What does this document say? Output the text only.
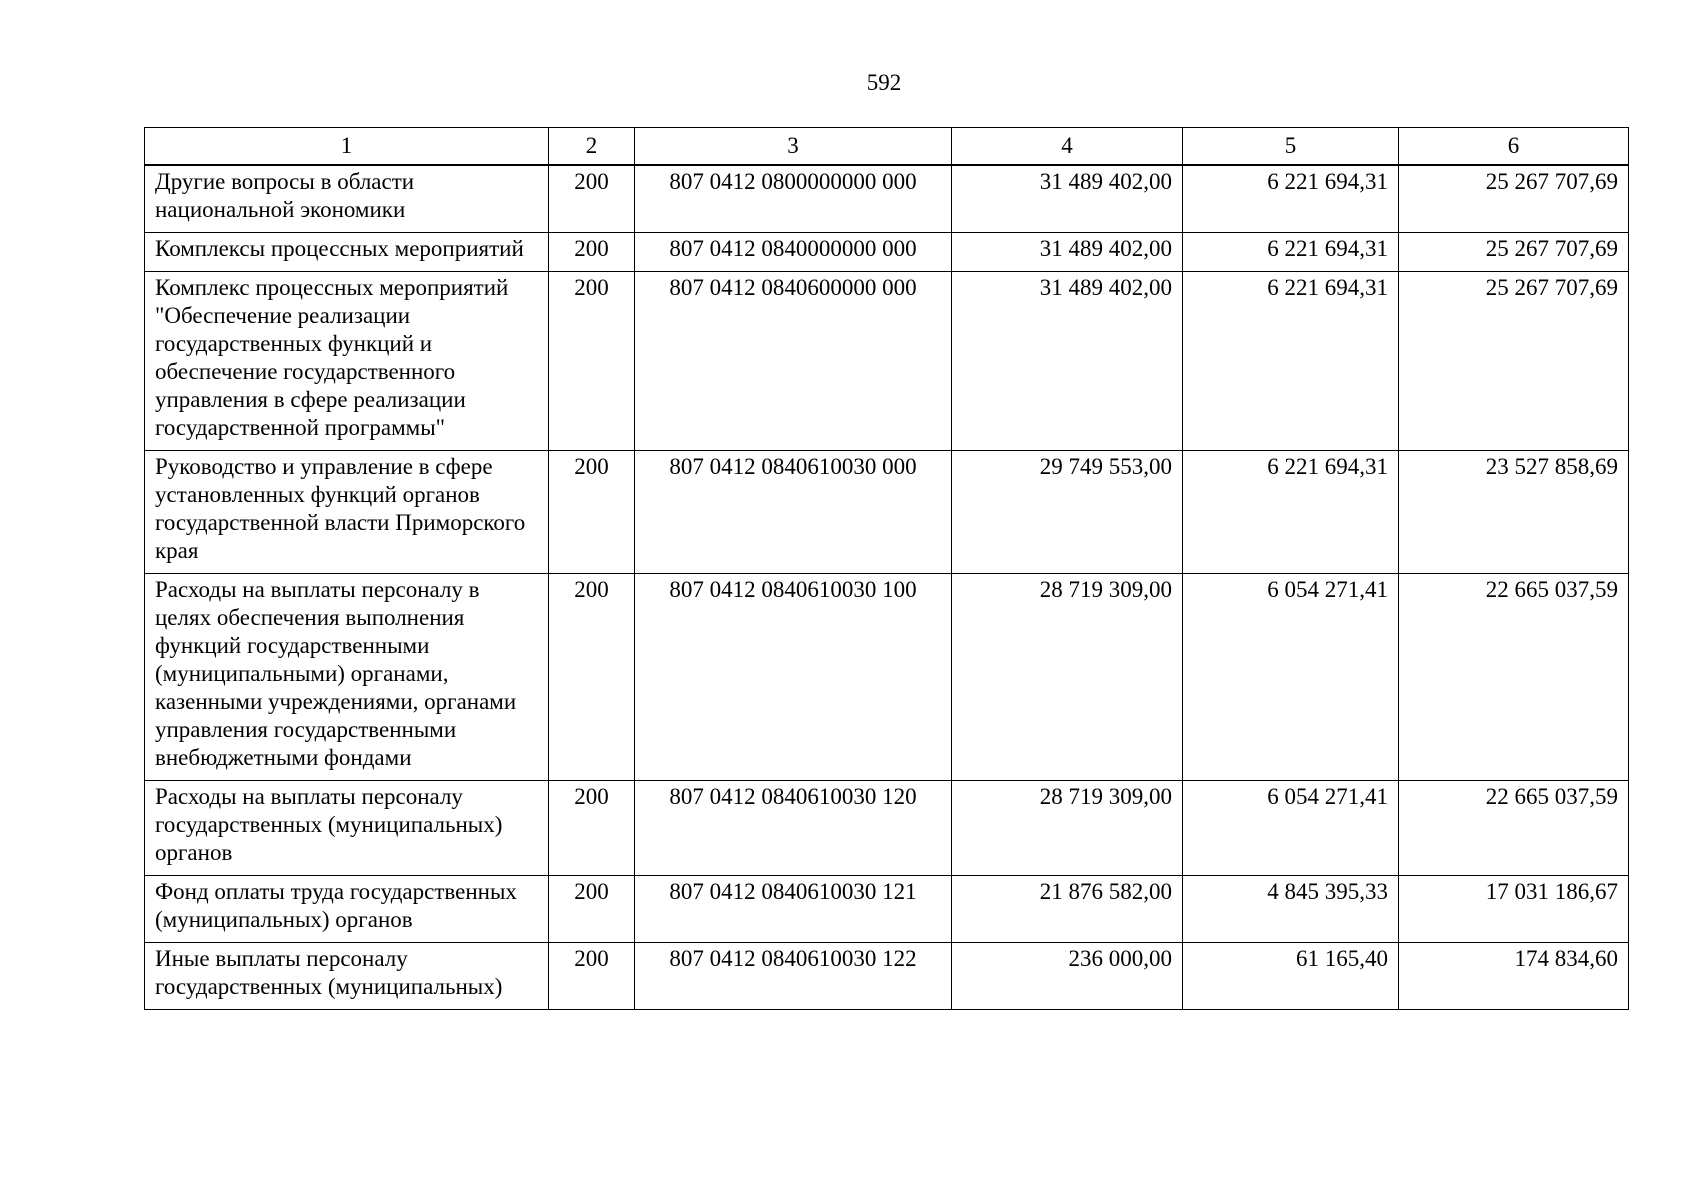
592
1	2	3	4	5	6
Другие вопросы в области национальной экономики	200	807 0412 0800000000 000	31 489 402,00	6 221 694,31	25 267 707,69
Комплексы процессных мероприятий	200	807 0412 0840000000 000	31 489 402,00	6 221 694,31	25 267 707,69
Комплекс процессных мероприятий "Обеспечение реализации государственных функций и обеспечение государственного управления в сфере реализации государственной программы"	200	807 0412 0840600000 000	31 489 402,00	6 221 694,31	25 267 707,69
Руководство и управление в сфере установленных функций органов государственной власти Приморского края	200	807 0412 0840610030 000	29 749 553,00	6 221 694,31	23 527 858,69
Расходы на выплаты персоналу в целях обеспечения выполнения функций государственными (муниципальными) органами, казенными учреждениями, органами управления государственными внебюджетными фондами	200	807 0412 0840610030 100	28 719 309,00	6 054 271,41	22 665 037,59
Расходы на выплаты персоналу государственных (муниципальных) органов	200	807 0412 0840610030 120	28 719 309,00	6 054 271,41	22 665 037,59
Фонд оплаты труда государственных (муниципальных) органов	200	807 0412 0840610030 121	21 876 582,00	4 845 395,33	17 031 186,67
Иные выплаты персоналу государственных (муниципальных)	200	807 0412 0840610030 122	236 000,00	61 165,40	174 834,60
